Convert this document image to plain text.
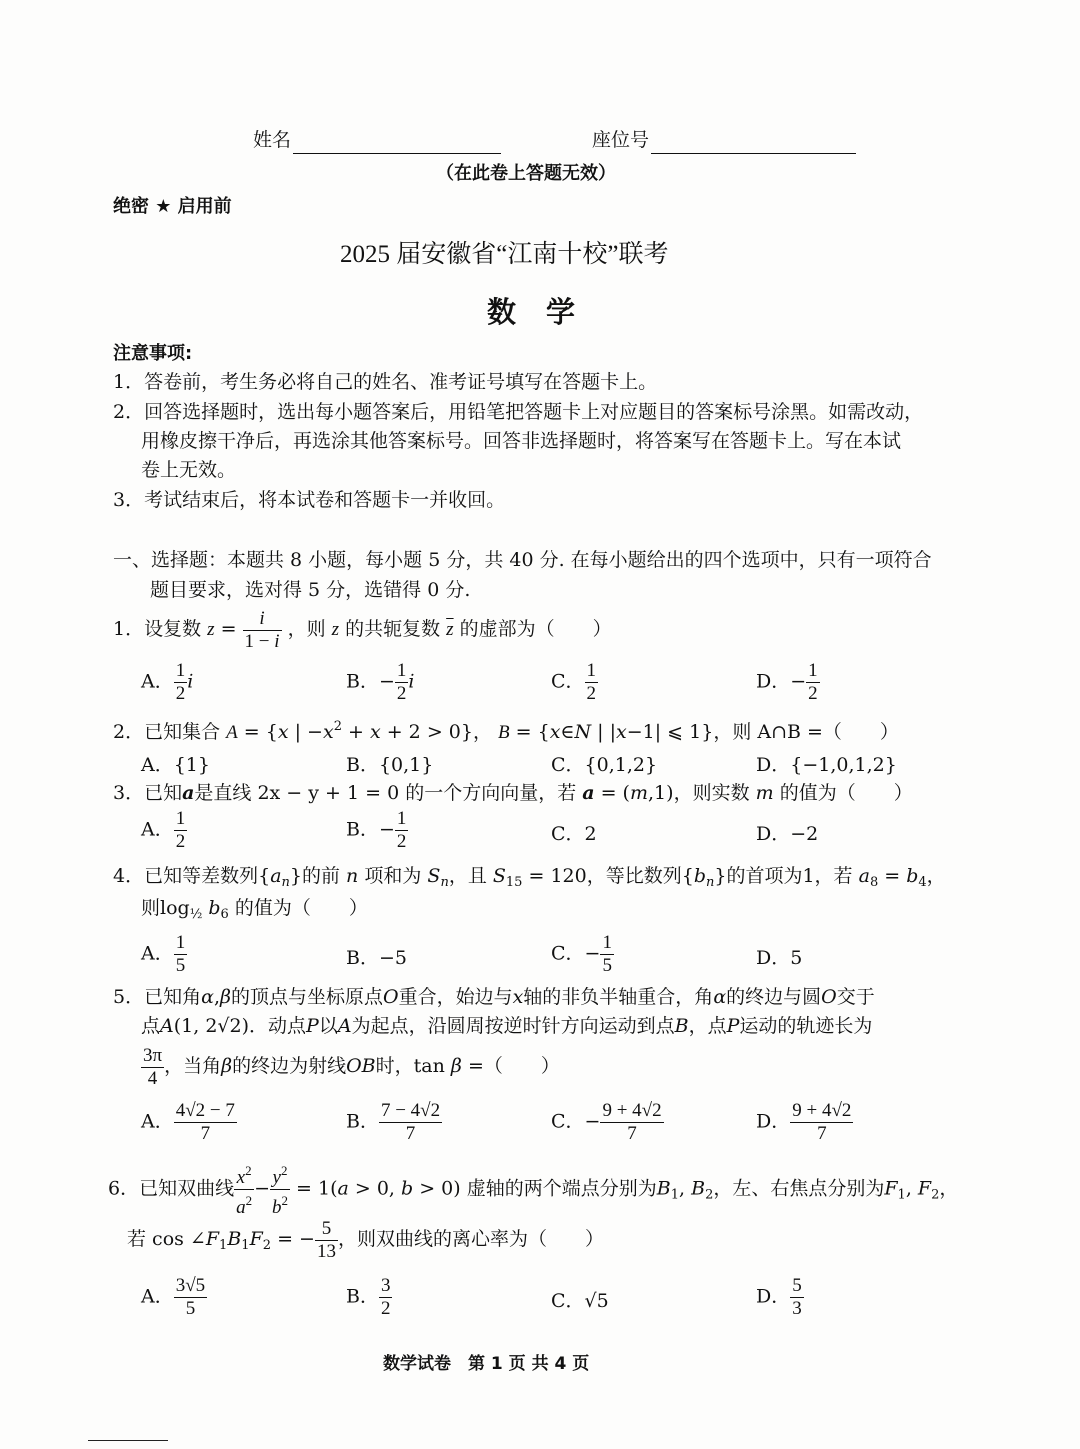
姓名	座位号
（在此卷上答题无效）
绝密 ★ 启用前
2025 届安徽省“江南十校”联考
数学
注意事项:
1．答卷前，考生务必将自己的姓名、准考证号填写在答题卡上。
2．回答选择题时，选出每小题答案后，用铅笔把答题卡上对应题目的答案标号涂黑。如需改动，
用橡皮擦干净后，再选涂其他答案标号。回答非选择题时，将答案写在答题卡上。写在本试
卷上无效。
3．考试结束后，将本试卷和答题卡一并收回。
一、选择题：本题共 8 小题，每小题 5 分，共 40 分. 在每小题给出的四个选项中，只有一项符合
题目要求，选对得 5 分，选错得 0 分.
1．设复数 $z = \frac{i}{1 - i}$ ，则 z 的共轭复数 $\overline{z}$ 的虚部为（　　）
A． $\frac{1}{2}$ i	B．− $\frac{1}{2}$ i	C． $\frac{1}{2}$	D．− $\frac{1}{2}$
2．已知集合 A = {x | $-x^2 + x + 2 > 0$}， B = {x∈N | |x−1| ⩽ 1}，则 A∩B =（　　）
A．{1}	B．{0,1}	C．{0,1,2}	D．{−1,0,1,2}
3．已知a是直线 2x − y + 1 = 0 的一个方向向量，若 a = (m,1)，则实数 m 的值为（　　）
A． $\frac{1}{2}$	B．− $\frac{1}{2}$	C．2	D．−2
4．已知等差数列$\{a_n\}$的前 n 项和为 $S_n$，且 $S_{15} = 120$，等比数列$\{b_n\}$的首项为1，若 $a_8 = b_4$，
则$\log_{\frac{1}{2}} b_6$ 的值为（　　）
A． $\frac{1}{5}$	B．−5	C．− $\frac{1}{5}$	D．5
5．已知角α,β的顶点与坐标原点O重合，始边与x轴的非负半轴重合，角α的终边与圆O交于
点A(1, 2√2)．动点P以A为起点，沿圆周按逆时针方向运动到点B，点P运动的轨迹长为
$\frac{3\pi}{4}$ ，当角β的终边为射线OB时，tan β =（　　）
A． $\frac{4√2 - 7}{7}$	B． $\frac{7 - 4√2}{7}$	C．− $\frac{9 + 4√2}{7}$	D． $\frac{9 + 4√2}{7}$
6．已知双曲线 $\frac{x^2}{a^2} - \frac{y^2}{b^2} = 1(a > 0$, b > 0) 虚轴的两个端点分别为$B_1$, $B_2$，左、右焦点分别为$F_1$, $F_2$，
若 $\cos \angle F_1B_1F_2$ = − $\frac{5}{13}$ ，则双曲线的离心率为（　　）
A． $\frac{3√5}{5}$	B． $\frac{3}{2}$	C．√5	D． $\frac{5}{3}$
数学试卷　第 1 页 共 4 页
